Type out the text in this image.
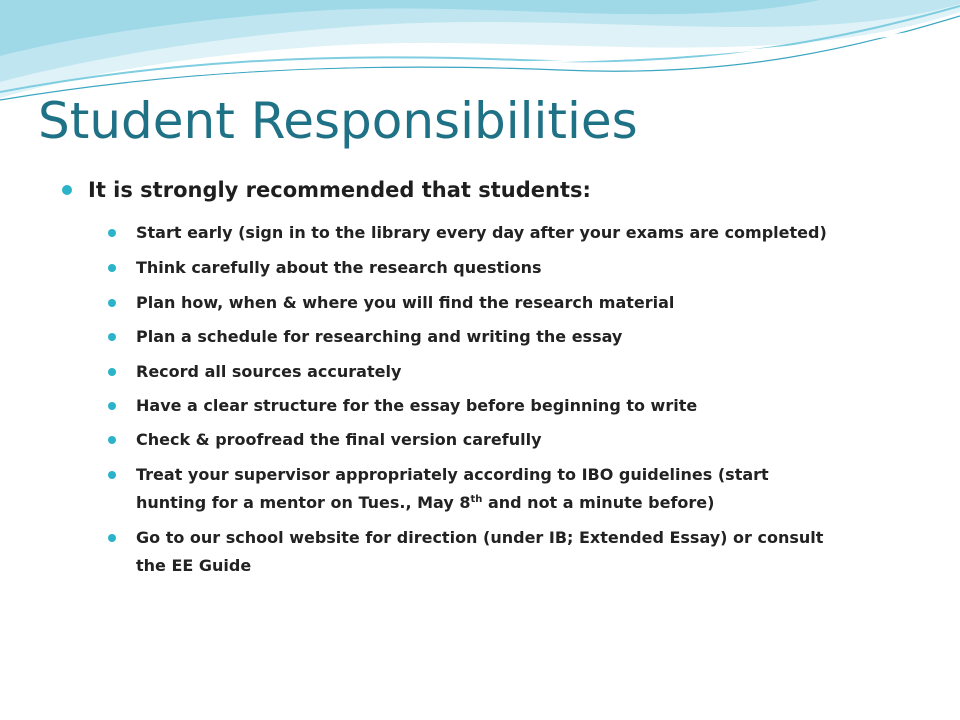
Student Responsibilities
It is strongly recommended that students:
Start early (sign in to the library every day after your exams are completed)
Think carefully about the research questions
Plan how, when & where you will find the research material
Plan a schedule for researching and writing the essay
Record all sources accurately
Have a clear structure for the essay before beginning to write
Check & proofread the final version carefully
Treat your supervisor appropriately according to IBO guidelines (start
hunting for a mentor on Tues., May 8th and not a minute before)
Go to our school website for direction (under IB; Extended Essay) or consult
the EE Guide
